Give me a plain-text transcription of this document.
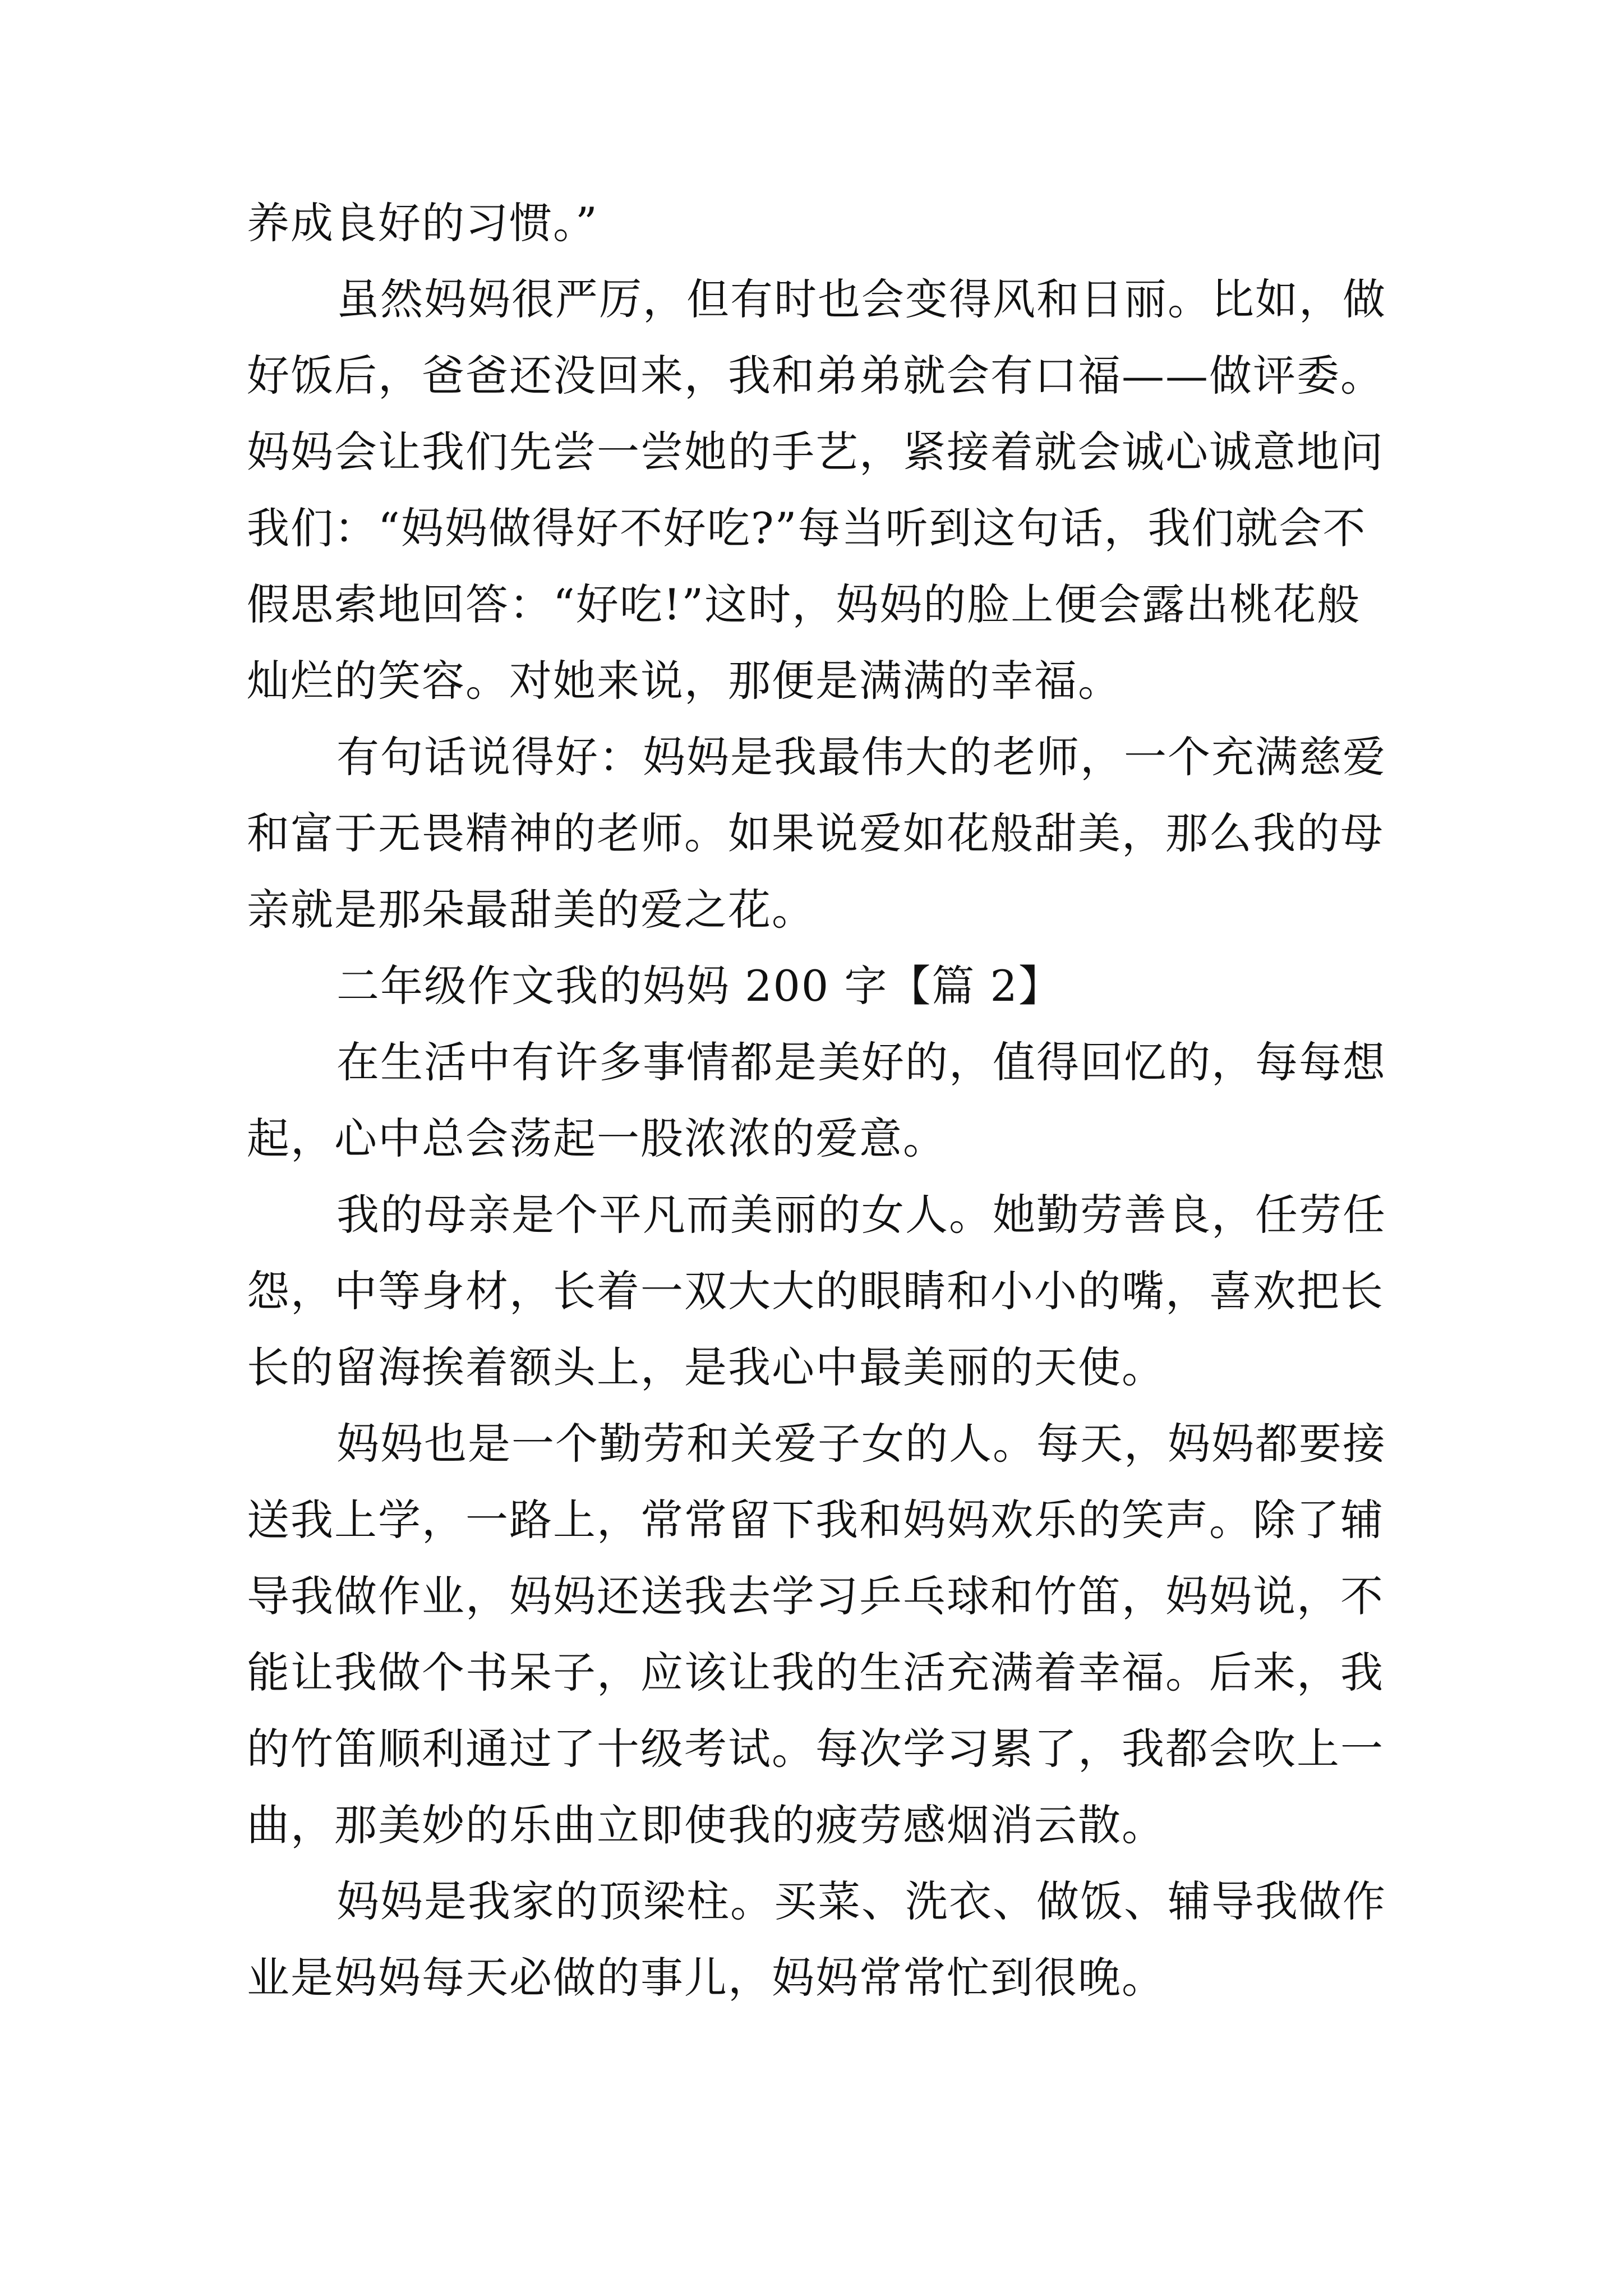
养成良好的习惯。”
虽然妈妈很严厉，但有时也会变得风和日丽。比如，做
好饭后，爸爸还没回来，我和弟弟就会有口福——做评委。
妈妈会让我们先尝一尝她的手艺，紧接着就会诚心诚意地问
我们：“妈妈做得好不好吃?”每当听到这句话，我们就会不
假思索地回答：“好吃!”这时，妈妈的脸上便会露出桃花般
灿烂的笑容。对她来说，那便是满满的幸福。
有句话说得好：妈妈是我最伟大的老师，一个充满慈爱
和富于无畏精神的老师。如果说爱如花般甜美，那么我的母
亲就是那朵最甜美的爱之花。
二年级作文我的妈妈 200 字【篇 2】
在生活中有许多事情都是美好的，值得回忆的，每每想
起，心中总会荡起一股浓浓的爱意。
我的母亲是个平凡而美丽的女人。她勤劳善良，任劳任
怨，中等身材，长着一双大大的眼睛和小小的嘴，喜欢把长
长的留海挨着额头上，是我心中最美丽的天使。
妈妈也是一个勤劳和关爱子女的人。每天，妈妈都要接
送我上学，一路上，常常留下我和妈妈欢乐的笑声。除了辅
导我做作业，妈妈还送我去学习乒乓球和竹笛，妈妈说，不
能让我做个书呆子，应该让我的生活充满着幸福。后来，我
的竹笛顺利通过了十级考试。每次学习累了，我都会吹上一
曲，那美妙的乐曲立即使我的疲劳感烟消云散。
妈妈是我家的顶梁柱。买菜、洗衣、做饭、辅导我做作
业是妈妈每天必做的事儿，妈妈常常忙到很晚。
